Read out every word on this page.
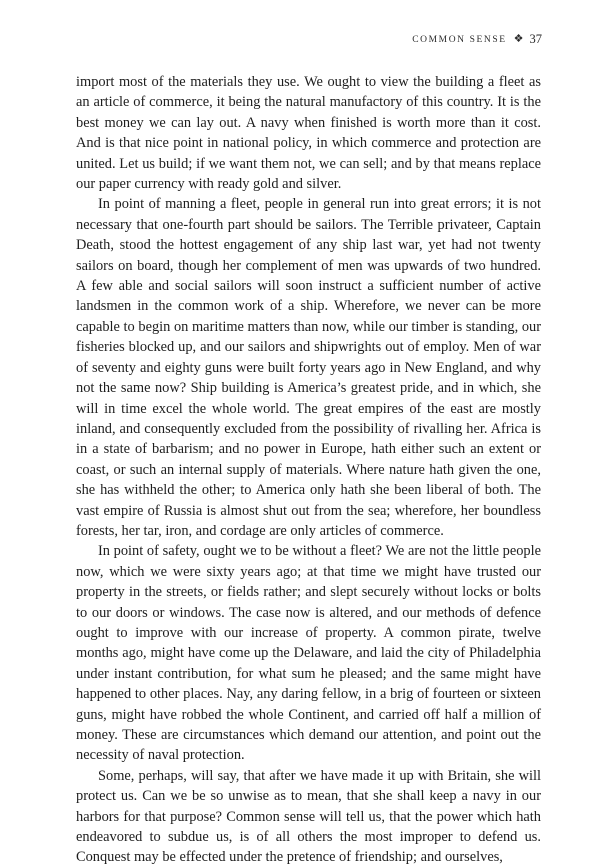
COMMON SENSE ❖ 37

import most of the materials they use. We ought to view the building a fleet as an article of commerce, it being the natural manufactory of this country. It is the best money we can lay out. A navy when finished is worth more than it cost. And is that nice point in national policy, in which commerce and protection are united. Let us build; if we want them not, we can sell; and by that means replace our paper currency with ready gold and silver.

In point of manning a fleet, people in general run into great errors; it is not necessary that one-fourth part should be sailors. The Terrible privateer, Captain Death, stood the hottest engagement of any ship last war, yet had not twenty sailors on board, though her complement of men was upwards of two hundred. A few able and social sailors will soon instruct a sufficient number of active landsmen in the common work of a ship. Wherefore, we never can be more capable to begin on maritime matters than now, while our timber is standing, our fisheries blocked up, and our sailors and shipwrights out of employ. Men of war of seventy and eighty guns were built forty years ago in New England, and why not the same now? Ship building is America’s greatest pride, and in which, she will in time excel the whole world. The great empires of the east are mostly inland, and consequently excluded from the possibility of rivalling her. Africa is in a state of barbarism; and no power in Europe, hath either such an extent or coast, or such an internal supply of materials. Where nature hath given the one, she has withheld the other; to America only hath she been liberal of both. The vast empire of Russia is almost shut out from the sea; wherefore, her boundless forests, her tar, iron, and cordage are only articles of commerce.

In point of safety, ought we to be without a fleet? We are not the little people now, which we were sixty years ago; at that time we might have trusted our property in the streets, or fields rather; and slept securely without locks or bolts to our doors or windows. The case now is altered, and our methods of defence ought to improve with our increase of property. A common pirate, twelve months ago, might have come up the Delaware, and laid the city of Philadelphia under instant contribution, for what sum he pleased; and the same might have happened to other places. Nay, any daring fellow, in a brig of fourteen or sixteen guns, might have robbed the whole Continent, and carried off half a million of money. These are circumstances which demand our attention, and point out the necessity of naval protection.

Some, perhaps, will say, that after we have made it up with Britain, she will protect us. Can we be so unwise as to mean, that she shall keep a navy in our harbors for that purpose? Common sense will tell us, that the power which hath endeavored to subdue us, is of all others the most improper to defend us. Conquest may be effected under the pretence of friendship; and ourselves,
